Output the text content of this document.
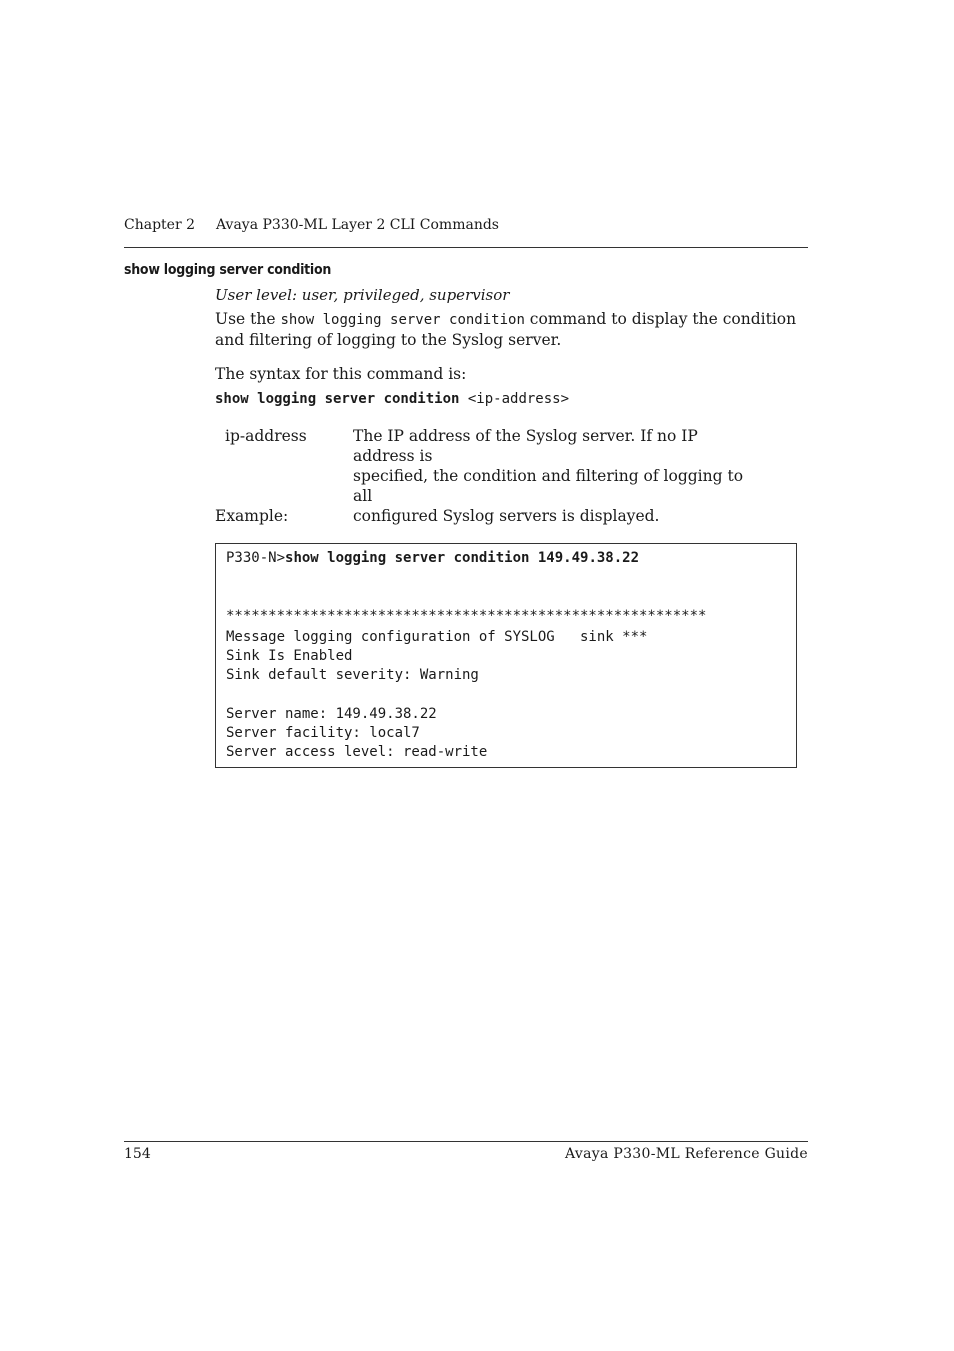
Chapter 2 Avaya P330-ML Layer 2 CLI Commands
show logging server condition
User level: user, privileged, supervisor
Use the show logging server condition command to display the condition
and filtering of logging to the Syslog server.
The syntax for this command is:
show logging server condition <ip-address>
ip-address	The IP address of the Syslog server. If no IP address is
specified, the condition and filtering of logging to all
configured Syslog servers is displayed.
Example:

P330-N>show logging server condition 149.49.38.22

*********************************************************

Message logging configuration of SYSLOG   sink ***

Sink Is Enabled

Sink default severity: Warning

Server name: 149.49.38.22

Server facility: local7

Server access level: read-write

154	Avaya P330-ML Reference Guide
